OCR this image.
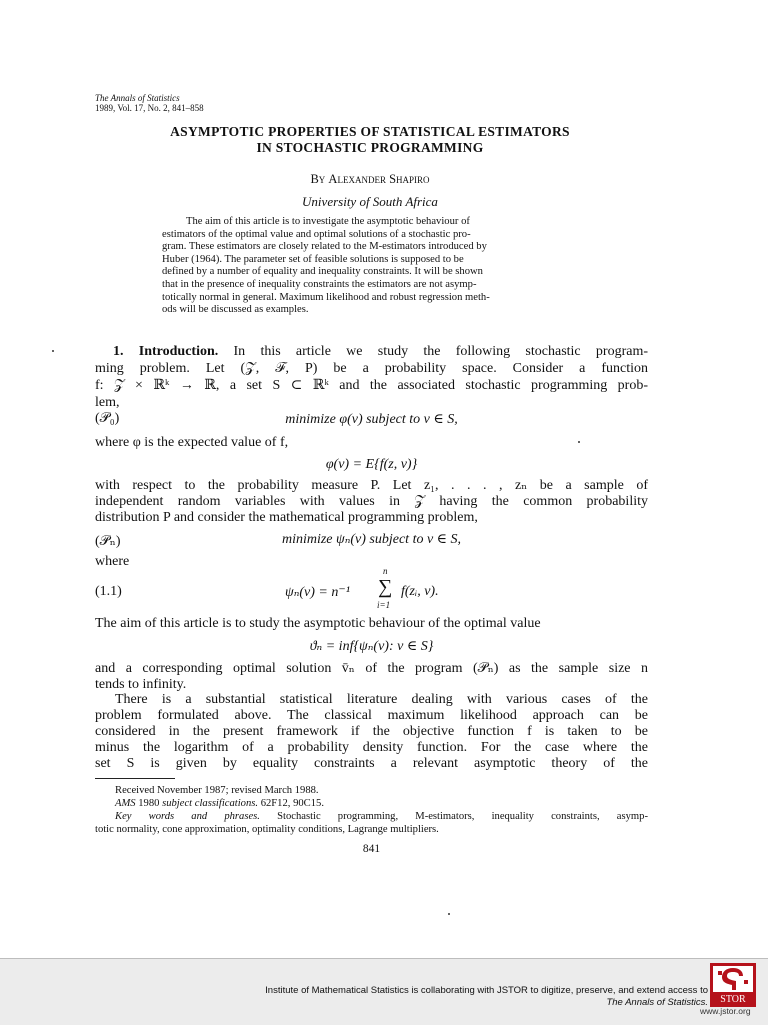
The Annals of Statistics
1989, Vol. 17, No. 2, 841–858
ASYMPTOTIC PROPERTIES OF STATISTICAL ESTIMATORS
IN STOCHASTIC PROGRAMMING
By Alexander Shapiro
University of South Africa
The aim of this article is to investigate the asymptotic behaviour of
estimators of the optimal value and optimal solutions of a stochastic pro-
gram. These estimators are closely related to the M-estimators introduced by
Huber (1964). The parameter set of feasible solutions is supposed to be
defined by a number of equality and inequality constraints. It will be shown
that in the presence of inequality constraints the estimators are not asymp-
totically normal in general. Maximum likelihood and robust regression meth-
ods will be discussed as examples.
1. Introduction. In this article we study the following stochastic program-
ming problem. Let (𝒵, ℱ, P) be a probability space. Consider a function
f: 𝒵 × ℝᵏ → ℝ, a set S ⊂ ℝᵏ and the associated stochastic programming prob-
lem,
(𝒫₀)	minimize φ(v) subject to v ∈ S,
where φ is the expected value of f,
φ(v) = E{f(z, v)}
with respect to the probability measure P. Let z₁, . . . , zₙ be a sample of
independent random variables with values in 𝒵 having the common probability
distribution P and consider the mathematical programming problem,
(𝒫ₙ)	minimize ψₙ(v) subject to v ∈ S,
where
(1.1)	ψₙ(v) = n⁻¹
n
∑
i=1
f(zᵢ, v).
The aim of this article is to study the asymptotic behaviour of the optimal value
ϑₙ = inf{ψₙ(v): v ∈ S}
and a corresponding optimal solution v̄ₙ of the program (𝒫ₙ) as the sample size n
tends to infinity.
There is a substantial statistical literature dealing with various cases of the
problem formulated above. The classical maximum likelihood approach can be
considered in the present framework if the objective function f is taken to be
minus the logarithm of a probability density function. For the case where the
set S is given by equality constraints a relevant asymptotic theory of the
Received November 1987; revised March 1988.
AMS 1980 subject classifications. 62F12, 90C15.
Key words and phrases. Stochastic programming, M-estimators, inequality constraints, asymp-
totic normality, cone approximation, optimality conditions, Lagrange multipliers.
841
Institute of Mathematical Statistics is collaborating with JSTOR to digitize, preserve, and extend access to
The Annals of Statistics. STOR
www.jstor.org
